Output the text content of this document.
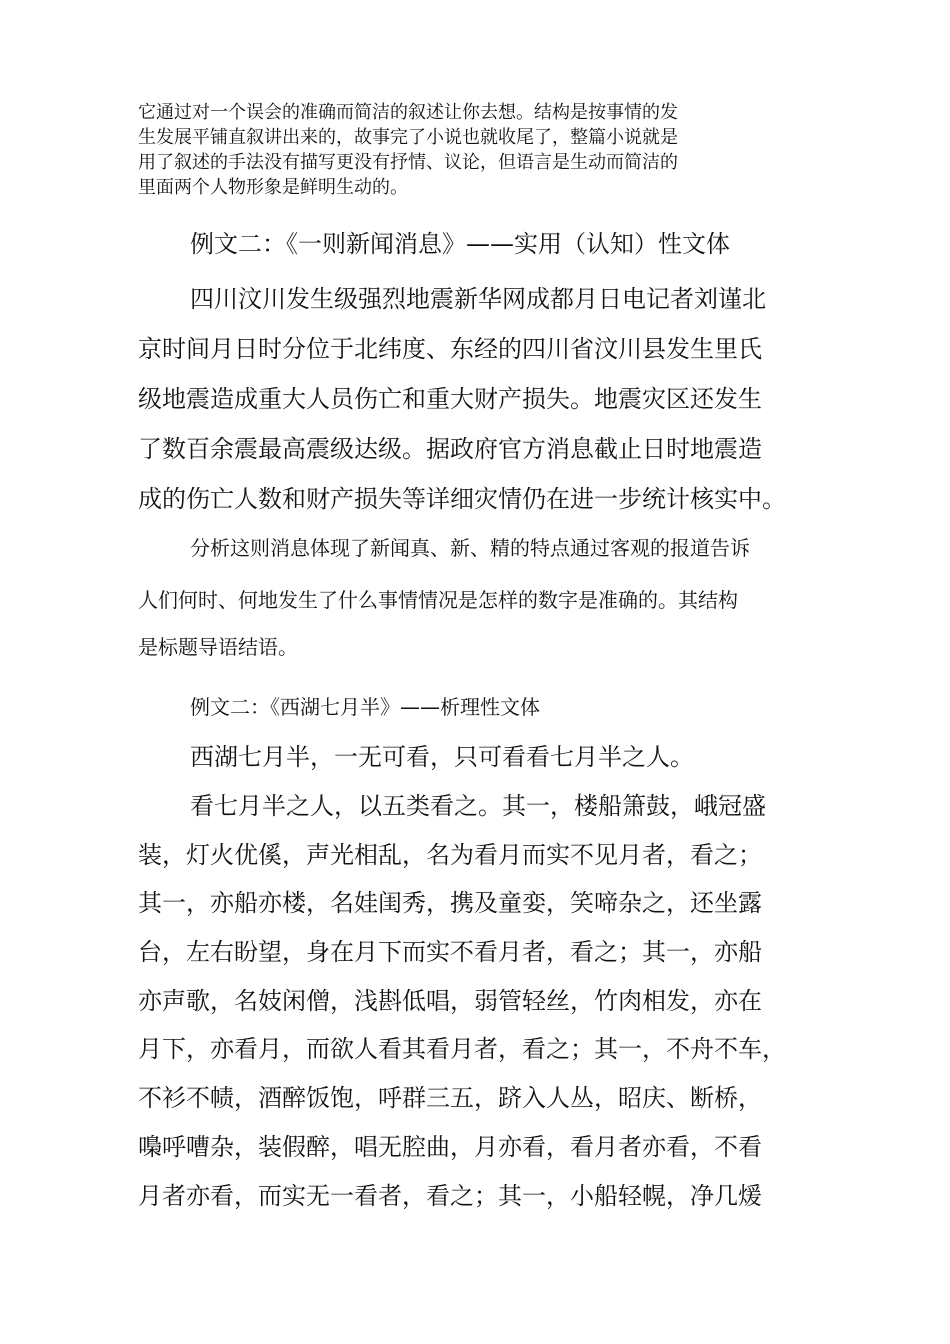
它通过对一个误会的准确而简洁的叙述让你去想。结构是按事情的发

生发展平铺直叙讲出来的，故事完了小说也就收尾了，整篇小说就是

用了叙述的手法没有描写更没有抒情、议论，但语言是生动而简洁的

里面两个人物形象是鲜明生动的。

例文二：《一则新闻消息》——实用（认知）性文体

四川汶川发生级强烈地震新华网成都月日电记者刘谨北

京时间月日时分位于北纬度、东经的四川省汶川县发生里氏

级地震造成重大人员伤亡和重大财产损失。地震灾区还发生

了数百余震最高震级达级。据政府官方消息截止日时地震造

成的伤亡人数和财产损失等详细灾情仍在进一步统计核实中。

分析这则消息体现了新闻真、新、精的特点通过客观的报道告诉

人们何时、何地发生了什么事情情况是怎样的数字是准确的。其结构

是标题导语结语。

例文二：《西湖七月半》——析理性文体

西湖七月半，一无可看，只可看看七月半之人。

看七月半之人，以五类看之。其一，楼船箫鼓，峨冠盛

装，灯火优傒，声光相乱，名为看月而实不见月者，看之；

其一，亦船亦楼，名娃闺秀，携及童娈，笑啼杂之，还坐露

台，左右盼望，身在月下而实不看月者，看之；其一，亦船

亦声歌，名妓闲僧，浅斟低唱，弱管轻丝，竹肉相发，亦在

月下，亦看月，而欲人看其看月者，看之；其一，不舟不车，

不衫不帻，酒醉饭饱，呼群三五，跻入人丛，昭庆、断桥，

嘄呼嘈杂，装假醉，唱无腔曲，月亦看，看月者亦看，不看

月者亦看，而实无一看者，看之；其一，小船轻幌，净几煖
